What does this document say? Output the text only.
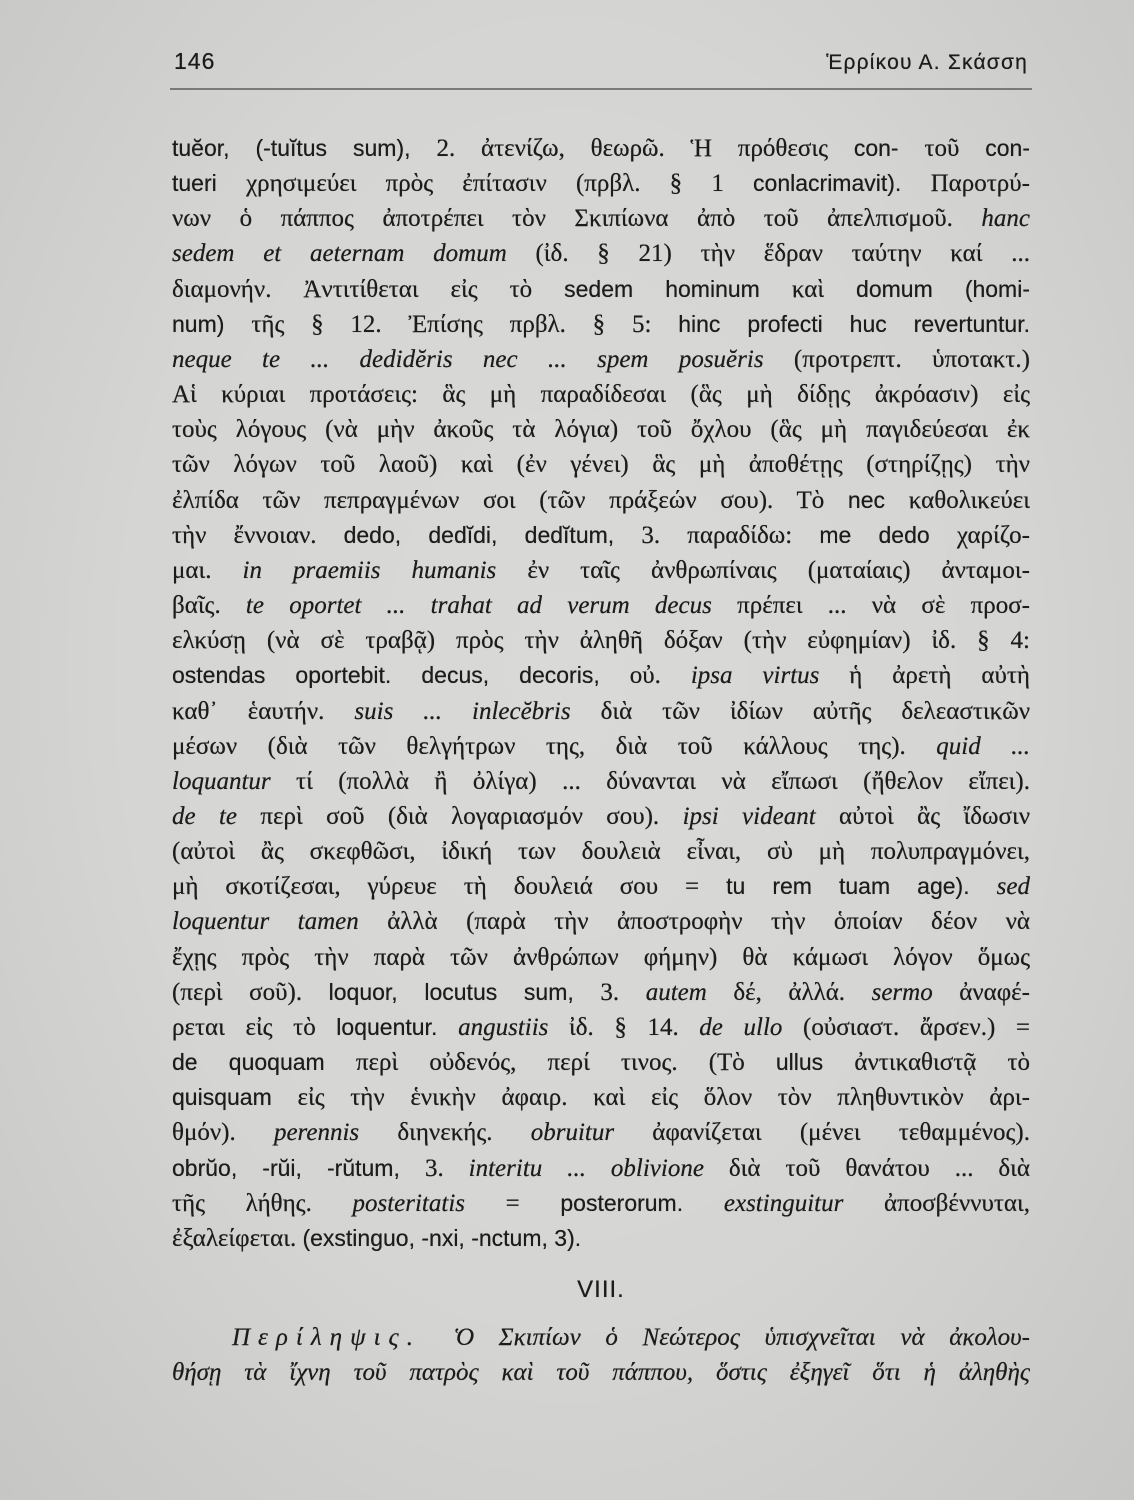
146	Ἑρρίκου Α. Σκάσση
tuĕor, (-tuĭtus sum), 2. ἀτενίζω, θεωρῶ. Ἡ πρόθεσις con- τοῦ con-
tueri χρησιμεύει πρὸς ἐπίτασιν (πρβλ. § 1 conlacrimavit). Παροτρύ-
νων ὁ πάππος ἀποτρέπει τὸν Σκιπίωνα ἀπὸ τοῦ ἀπελπισμοῦ. hanc
sedem et aeternam domum (ἰδ. § 21) τὴν ἕδραν ταύτην καί ...
διαμονήν. Ἀντιτίθεται εἰς τὸ sedem hominum καὶ domum (homi-
num) τῆς § 12. Ἐπίσης πρβλ. § 5: hinc profecti huc revertuntur.
neque te ... dedidĕris nec ... spem posuĕris (προτρεπτ. ὑποτακτ.)
Αἱ κύριαι προτάσεις: ἃς μὴ παραδίδεσαι (ἃς μὴ δίδῃς ἀκρόασιν) εἰς
τοὺς λόγους (νὰ μὴν ἀκοῦς τὰ λόγια) τοῦ ὄχλου (ἃς μὴ παγιδεύεσαι ἐκ
τῶν λόγων τοῦ λαοῦ) καὶ (ἐν γένει) ἃς μὴ ἀποθέτῃς (στηρίζῃς) τὴν
ἐλπίδα τῶν πεπραγμένων σοι (τῶν πράξεών σου). Τὸ nec καθολικεύει
τὴν ἔννοιαν. dedo, dedĭdi, dedĭtum, 3. παραδίδω: me dedo χαρίζο-
μαι. in praemiis humanis ἐν ταῖς ἀνθρωπίναις (ματαίαις) ἀνταμοι-
βαῖς. te oportet ... trahat ad verum decus πρέπει ... νὰ σὲ προσ-
ελκύσῃ (νὰ σὲ τραβᾷ) πρὸς τὴν ἀληθῆ δόξαν (τὴν εὐφημίαν) ἰδ. § 4:
ostendas oportebit. decus, decoris, οὐ. ipsa virtus ἡ ἀρετὴ αὐτὴ
καθ᾽ ἑαυτήν. suis ... inlecĕbris διὰ τῶν ἰδίων αὐτῆς δελεαστικῶν
μέσων (διὰ τῶν θελγήτρων της, διὰ τοῦ κάλλους της). quid ...
loquantur τί (πολλὰ ἢ ὀλίγα) ... δύνανται νὰ εἴπωσι (ἤθελον εἴπει).
de te περὶ σοῦ (διὰ λογαριασμόν σου). ipsi videant αὐτοὶ ἂς ἴδωσιν
(αὐτοὶ ἂς σκεφθῶσι, ἰδική των δουλειὰ εἶναι, σὺ μὴ πολυπραγμόνει,
μὴ σκοτίζεσαι, γύρευε τὴ δουλειά σου = tu rem tuam age). sed
loquentur tamen ἀλλὰ (παρὰ τὴν ἀποστροφὴν τὴν ὁποίαν δέον νὰ
ἔχῃς πρὸς τὴν παρὰ τῶν ἀνθρώπων φήμην) θὰ κάμωσι λόγον ὅμως
(περὶ σοῦ). loquor, locutus sum, 3. autem δέ, ἀλλά. sermo ἀναφέ-
ρεται εἰς τὸ loquentur. angustiis ἰδ. § 14. de ullo (οὐσιαστ. ἄρσεν.) =
de quoquam περὶ οὐδενός, περί τινος. (Τὸ ullus ἀντικαθιστᾷ τὸ
quisquam εἰς τὴν ἑνικὴν ἀφαιρ. καὶ εἰς ὅλον τὸν πληθυντικὸν ἀρι-
θμόν). perennis διηνεκής. obruitur ἀφανίζεται (μένει τεθαμμένος).
obrŭo, -rŭi, -rŭtum, 3. interitu ... oblivione διὰ τοῦ θανάτου ... διὰ
τῆς λήθης. posteritatis = posterorum. exstinguitur ἀποσβέννυται,
ἐξαλείφεται. (exstinguo, -nxi, -nctum, 3).
VIII.
Περίληψις. Ὁ Σκιπίων ὁ Νεώτερος ὑπισχνεῖται νὰ ἀκολου-
θήσῃ τὰ ἴχνη τοῦ πατρὸς καὶ τοῦ πάππου, ὅστις ἐξηγεῖ ὅτι ἡ ἀληθὴς
